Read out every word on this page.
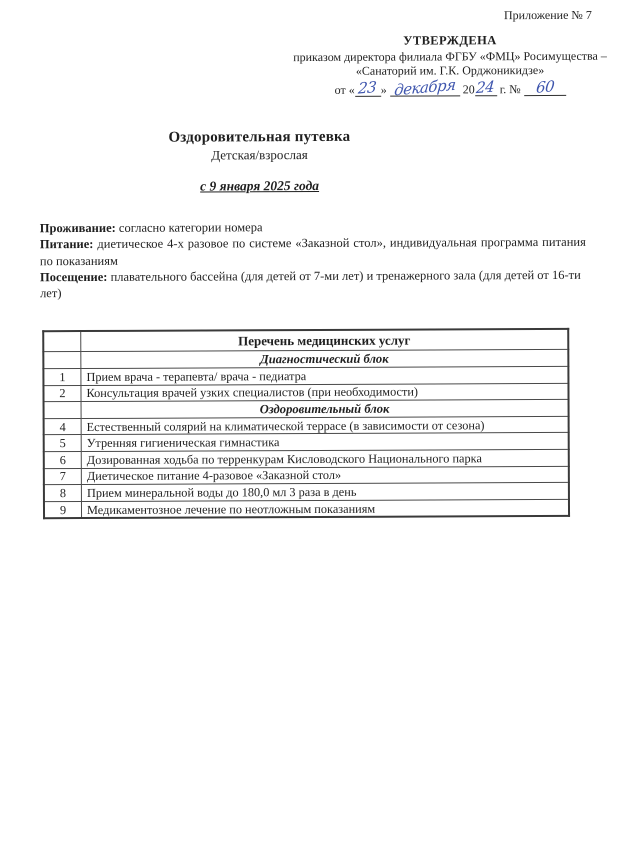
Приложение № 7
УТВЕРЖДЕНА
приказом директора филиала ФГБУ «ФМЦ» Росимущества –
«Санаторий им. Г.К. Орджоникидзе»
от « 23 » декабря 2024 г. № 60
Оздоровительная путевка
Детская/взрослая
с 9 января 2025 года

Проживание: согласно категории номера

Питание: диетическое 4-х разовое по системе «Заказной стол», индивидуальная программа питания по показаниям

Посещение: плавательного бассейна (для детей от 7-ми лет) и тренажерного зала (для детей от 16-ти лет)

	Перечень медицинских услуг
	Диагностический блок
1	Прием врача - терапевта/ врача - педиатра
2	Консультация врачей узких специалистов (при необходимости)
	Оздоровительный блок
4	Естественный солярий на климатической террасе (в зависимости от сезона)
5	Утренняя гигиеническая гимнастика
6	Дозированная ходьба по терренкурам Кисловодского Национального парка
7	Диетическое питание 4-разовое «Заказной стол»
8	Прием минеральной воды до 180,0 мл 3 раза в день
9	Медикаментозное лечение по неотложным показаниям
